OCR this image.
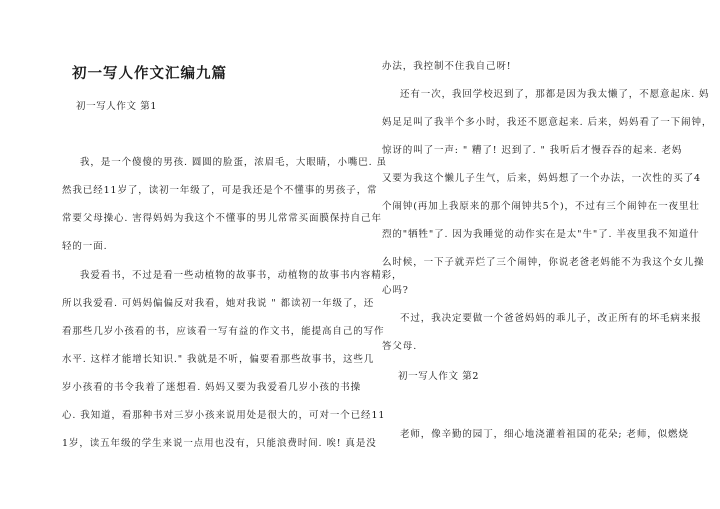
初一写人作文汇编九篇
初一写人作文 第1
我，是一个傻傻的男孩. 圆圆的脸蛋，浓眉毛，大眼睛，小嘴巴. 虽
然我已经11岁了，读初一年级了，可是我还是个不懂事的男孩子，常
常要父母操心. 害得妈妈为我这个不懂事的男儿常常买面膜保持自己年
轻的一面.
我爱看书，不过是看一些动植物的故事书，动植物的故事书内容精彩，
所以我爱看. 可妈妈偏偏反对我看，她对我说 " 都读初一年级了，还
看那些几岁小孩看的书，应该看一写有益的作文书，能提高自己的写作
水平. 这样才能增长知识." 我就是不听，偏要看那些故事书，这些几
岁小孩看的书令我着了迷想看. 妈妈又要为我爱看几岁小孩的书操
心. 我知道，看那种书对三岁小孩来说用处是很大的，可对一个已经11
1岁，读五年级的学生来说一点用也没有，只能浪费时间. 唉! 真是没
办法，我控制不住我自己呀!
还有一次，我回学校迟到了，那都是因为我太懒了，不愿意起床. 妈
妈足足叫了我半个多小时，我还不愿意起来. 后来，妈妈看了一下闹钟，
惊讶的叫了一声: " 糟了! 迟到了. " 我听后才慢吞吞的起来. 老妈
又要为我这个懒儿子生气，后来，妈妈想了一个办法，一次性的买了4
个闹钟(再加上我原来的那个闹钟共5个)，不过有三个闹钟在一夜里壮
烈的"牺牲"了. 因为我睡觉的动作实在是太"牛"了. 半夜里我不知道什
么时候，一下子就弄烂了三个闹钟，你说老爸老妈能不为我这个女儿操
心吗?
不过，我决定要做一个爸爸妈妈的乖儿子，改正所有的坏毛病来报
答父母.
初一写人作文 第2
老师，像辛勤的园丁，细心地浇灌着祖国的花朵; 老师，似燃烧
